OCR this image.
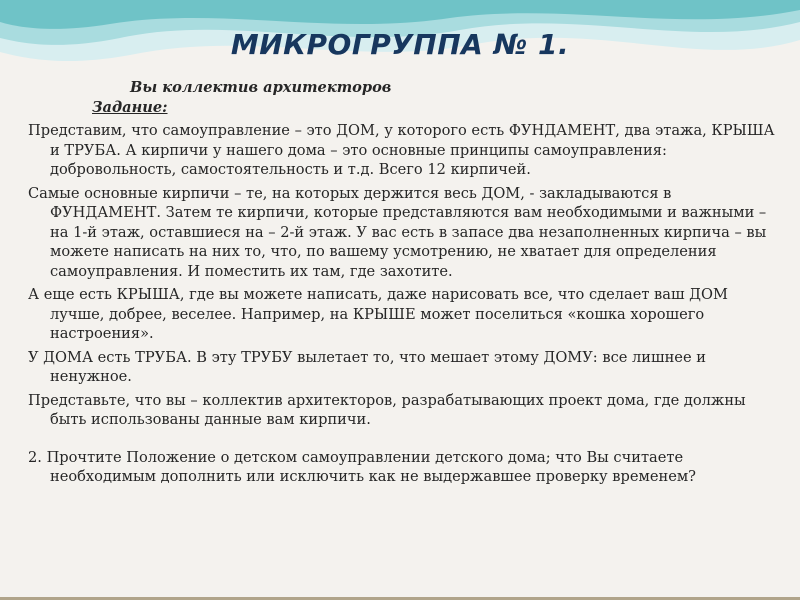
МИКРОГРУППА № 1.
Вы коллектив архитекторов
Задание:

Представим, что самоуправление – это ДОМ, у которого есть ФУНДАМЕНТ, два этажа, КРЫША и ТРУБА. А кирпичи у нашего дома – это основные принципы самоуправления: добровольность, самостоятельность и т.д. Всего 12 кирпичей.

Самые основные кирпичи – те, на которых держится весь ДОМ, - закладываются в ФУНДАМЕНТ. Затем те кирпичи, которые представляются вам необходимыми и важными – на 1-й этаж, оставшиеся на – 2-й этаж. У вас есть в запасе два незаполненных кирпича – вы можете написать на них то, что, по вашему усмотрению, не хватает для определения самоуправления. И поместить их там, где захотите.

А еще есть КРЫША, где вы можете написать, даже нарисовать все, что сделает ваш ДОМ лучше, добрее, веселее. Например, на КРЫШЕ может поселиться «кошка хорошего настроения».

У ДОМА есть ТРУБА. В эту ТРУБУ вылетает то, что мешает этому ДОМУ: все лишнее и ненужное.

Представьте, что вы – коллектив архитекторов, разрабатывающих проект дома, где должны быть использованы данные вам кирпичи.

2. Прочтите Положение о детском самоуправлении детского дома; что Вы считаете необходимым дополнить или исключить как не выдержавшее проверку временем?
